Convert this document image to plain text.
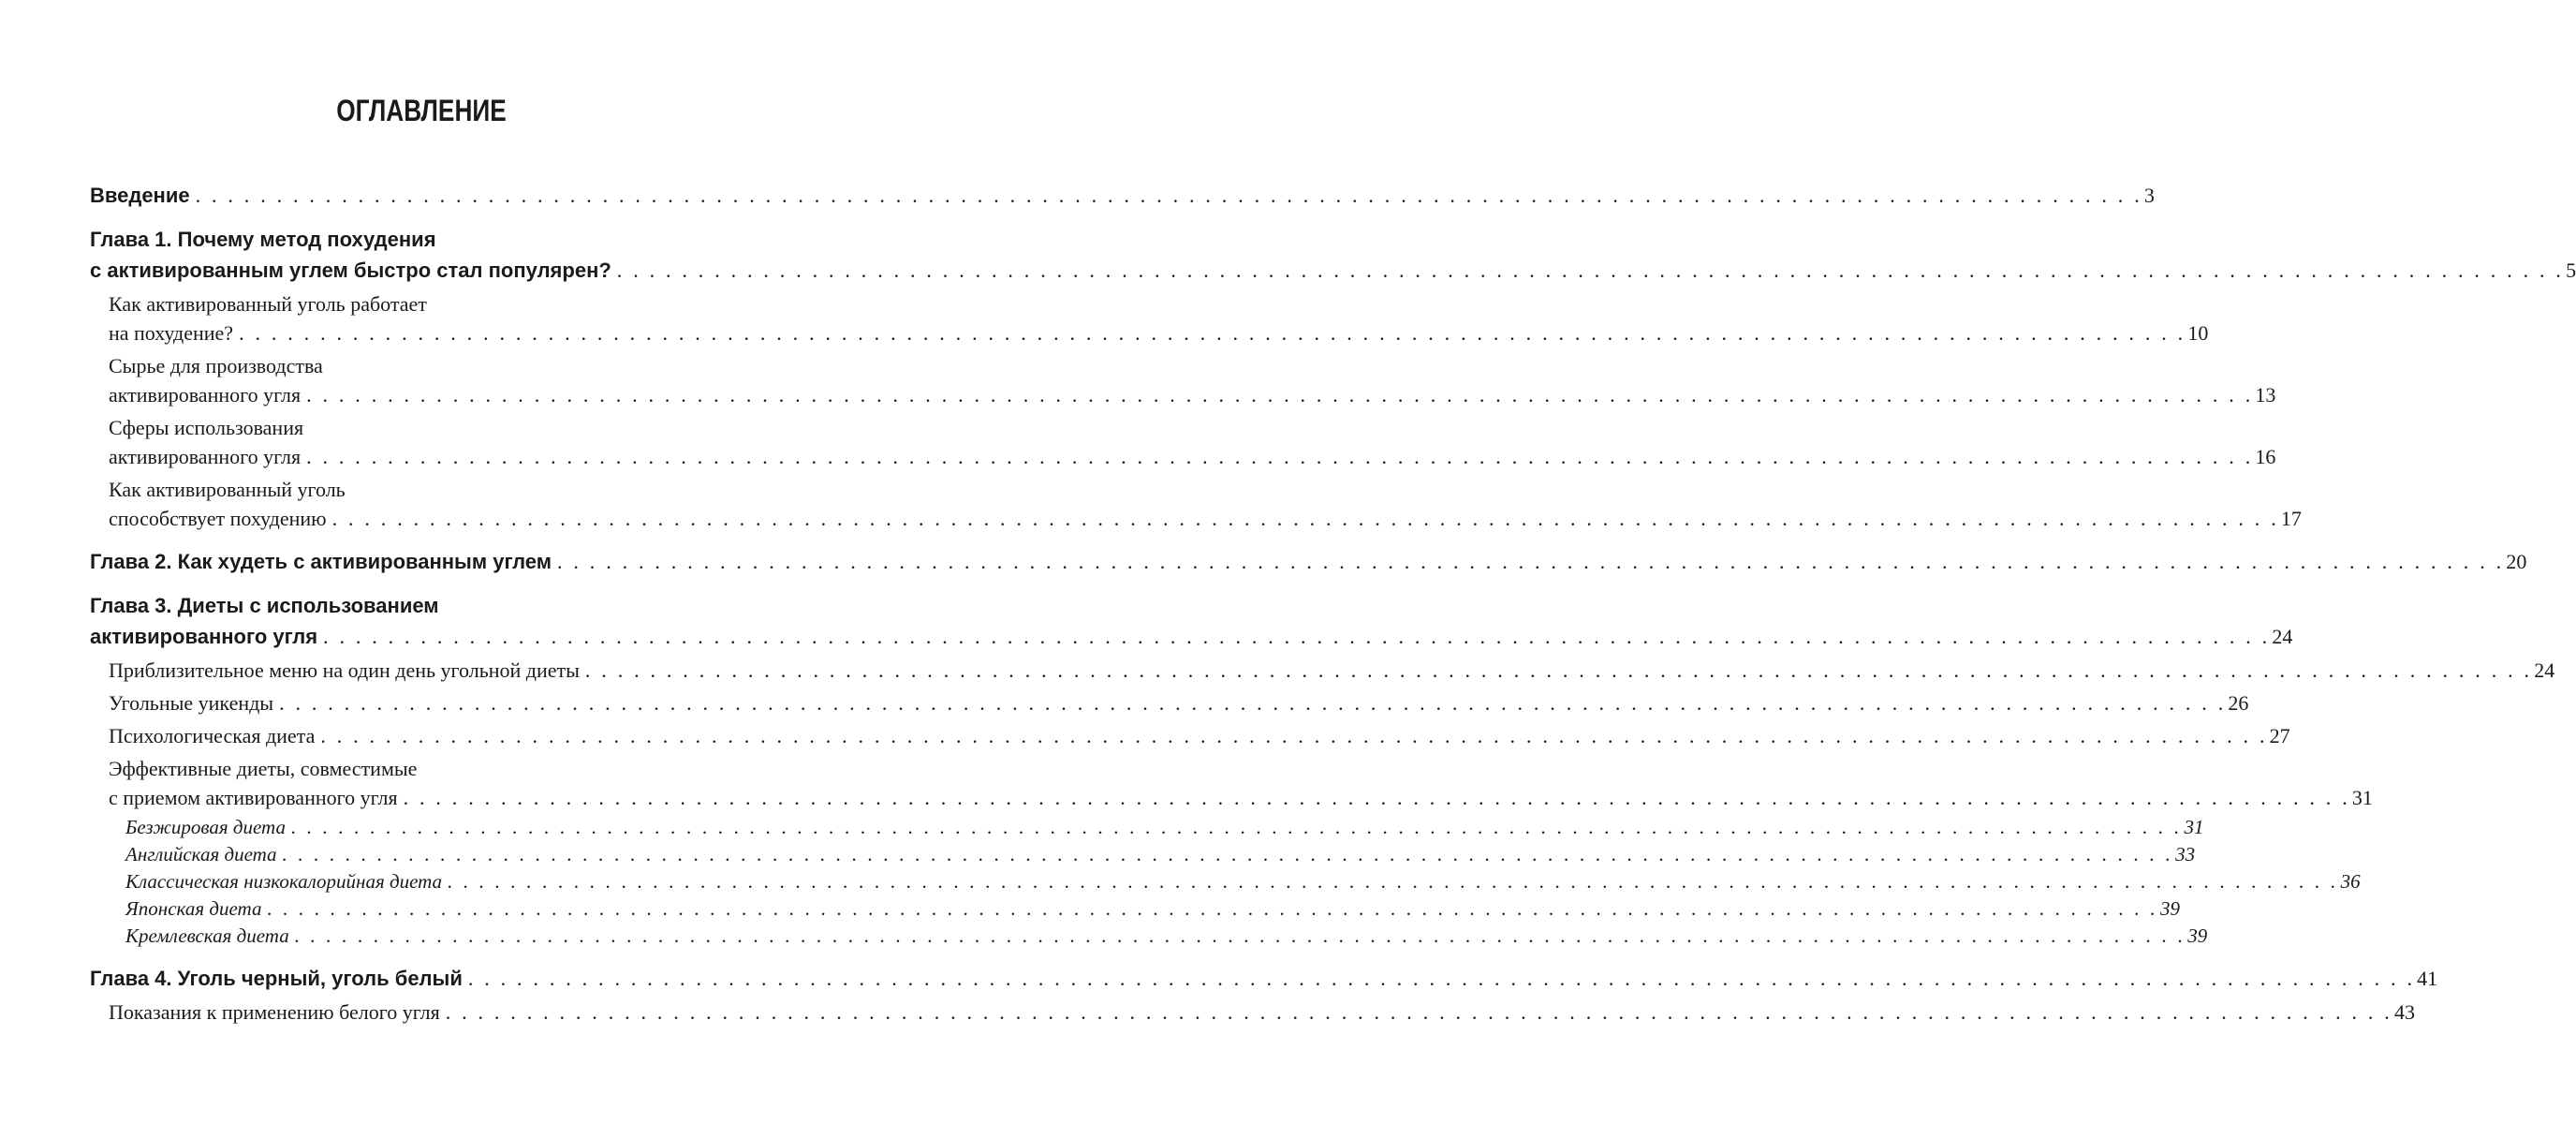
ОГЛАВЛЕНИЕ
Введение . . . . . . . . . . . . . . . . . . . . . . . . . . . . . . . . . . . . . . . . . . . . . . . . . . . . . . . . . . . . . . . . . . . . . . . . . . . . . . . . . . . . . . . . . . . . . . . . . . . . . . . . . . . . . . . . . . . . . . . . 3
Глава 1. Почему метод похудения
с активированным углем быстро стал популярен? . . . . . . . . . . . . . . . . . . . . . . . . . . . . . . . . . . . . . . . . . . . . . . . . . . . . . . . . . . . . . . . . . . . . . . . . . . . . . . . . . . . . . . . . . . . . . . . . . . . . . . . . . . . . . . . . . . . . . . . . 5
Как активированный уголь работает
на похудение? . . . . . . . . . . . . . . . . . . . . . . . . . . . . . . . . . . . . . . . . . . . . . . . . . . . . . . . . . . . . . . . . . . . . . . . . . . . . . . . . . . . . . . . . . . . . . . . . . . . . . . . . . . . . . . . . . . . . . . . . 10
Сырье для производства
активированного угля . . . . . . . . . . . . . . . . . . . . . . . . . . . . . . . . . . . . . . . . . . . . . . . . . . . . . . . . . . . . . . . . . . . . . . . . . . . . . . . . . . . . . . . . . . . . . . . . . . . . . . . . . . . . . . . . . . . . . . . . 13
Сферы использования
активированного угля . . . . . . . . . . . . . . . . . . . . . . . . . . . . . . . . . . . . . . . . . . . . . . . . . . . . . . . . . . . . . . . . . . . . . . . . . . . . . . . . . . . . . . . . . . . . . . . . . . . . . . . . . . . . . . . . . . . . . . . . 16
Как активированный уголь
способствует похудению . . . . . . . . . . . . . . . . . . . . . . . . . . . . . . . . . . . . . . . . . . . . . . . . . . . . . . . . . . . . . . . . . . . . . . . . . . . . . . . . . . . . . . . . . . . . . . . . . . . . . . . . . . . . . . . . . . . . . . . . 17
Глава 2. Как худеть с активированным углем . . . . . . . . . . . . . . . . . . . . . . . . . . . . . . . . . . . . . . . . . . . . . . . . . . . . . . . . . . . . . . . . . . . . . . . . . . . . . . . . . . . . . . . . . . . . . . . . . . . . . . . . . . . . . . . . . . . . . . . . 20
Глава 3. Диеты с использованием
активированного угля . . . . . . . . . . . . . . . . . . . . . . . . . . . . . . . . . . . . . . . . . . . . . . . . . . . . . . . . . . . . . . . . . . . . . . . . . . . . . . . . . . . . . . . . . . . . . . . . . . . . . . . . . . . . . . . . . . . . . . . . 24
Приблизительное меню на один день угольной диеты . . . . . . . . . . . . . . . . . . . . . . . . . . . . . . . . . . . . . . . . . . . . . . . . . . . . . . . . . . . . . . . . . . . . . . . . . . . . . . . . . . . . . . . . . . . . . . . . . . . . . . . . . . . . . . . . . . . . . . . . 24
Угольные уикенды . . . . . . . . . . . . . . . . . . . . . . . . . . . . . . . . . . . . . . . . . . . . . . . . . . . . . . . . . . . . . . . . . . . . . . . . . . . . . . . . . . . . . . . . . . . . . . . . . . . . . . . . . . . . . . . . . . . . . . . . 26
Психологическая диета . . . . . . . . . . . . . . . . . . . . . . . . . . . . . . . . . . . . . . . . . . . . . . . . . . . . . . . . . . . . . . . . . . . . . . . . . . . . . . . . . . . . . . . . . . . . . . . . . . . . . . . . . . . . . . . . . . . . . . . . 27
Эффективные диеты, совместимые
с приемом активированного угля . . . . . . . . . . . . . . . . . . . . . . . . . . . . . . . . . . . . . . . . . . . . . . . . . . . . . . . . . . . . . . . . . . . . . . . . . . . . . . . . . . . . . . . . . . . . . . . . . . . . . . . . . . . . . . . . . . . . . . . . 31
Безжировая диета . . . . . . . . . . . . . . . . . . . . . . . . . . . . . . . . . . . . . . . . . . . . . . . . . . . . . . . . . . . . . . . . . . . . . . . . . . . . . . . . . . . . . . . . . . . . . . . . . . . . . . . . . . . . . . . . . . . . . . . . 31
Английская диета . . . . . . . . . . . . . . . . . . . . . . . . . . . . . . . . . . . . . . . . . . . . . . . . . . . . . . . . . . . . . . . . . . . . . . . . . . . . . . . . . . . . . . . . . . . . . . . . . . . . . . . . . . . . . . . . . . . . . . . . 33
Классическая низкокалорийная диета . . . . . . . . . . . . . . . . . . . . . . . . . . . . . . . . . . . . . . . . . . . . . . . . . . . . . . . . . . . . . . . . . . . . . . . . . . . . . . . . . . . . . . . . . . . . . . . . . . . . . . . . . . . . . . . . . . . . . . . . 36
Японская диета . . . . . . . . . . . . . . . . . . . . . . . . . . . . . . . . . . . . . . . . . . . . . . . . . . . . . . . . . . . . . . . . . . . . . . . . . . . . . . . . . . . . . . . . . . . . . . . . . . . . . . . . . . . . . . . . . . . . . . . . 39
Кремлевская диета . . . . . . . . . . . . . . . . . . . . . . . . . . . . . . . . . . . . . . . . . . . . . . . . . . . . . . . . . . . . . . . . . . . . . . . . . . . . . . . . . . . . . . . . . . . . . . . . . . . . . . . . . . . . . . . . . . . . . . . . 39
Глава 4. Уголь черный, уголь белый . . . . . . . . . . . . . . . . . . . . . . . . . . . . . . . . . . . . . . . . . . . . . . . . . . . . . . . . . . . . . . . . . . . . . . . . . . . . . . . . . . . . . . . . . . . . . . . . . . . . . . . . . . . . . . . . . . . . . . . . 41
Показания к применению белого угля . . . . . . . . . . . . . . . . . . . . . . . . . . . . . . . . . . . . . . . . . . . . . . . . . . . . . . . . . . . . . . . . . . . . . . . . . . . . . . . . . . . . . . . . . . . . . . . . . . . . . . . . . . . . . . . . . . . . . . . . 43
